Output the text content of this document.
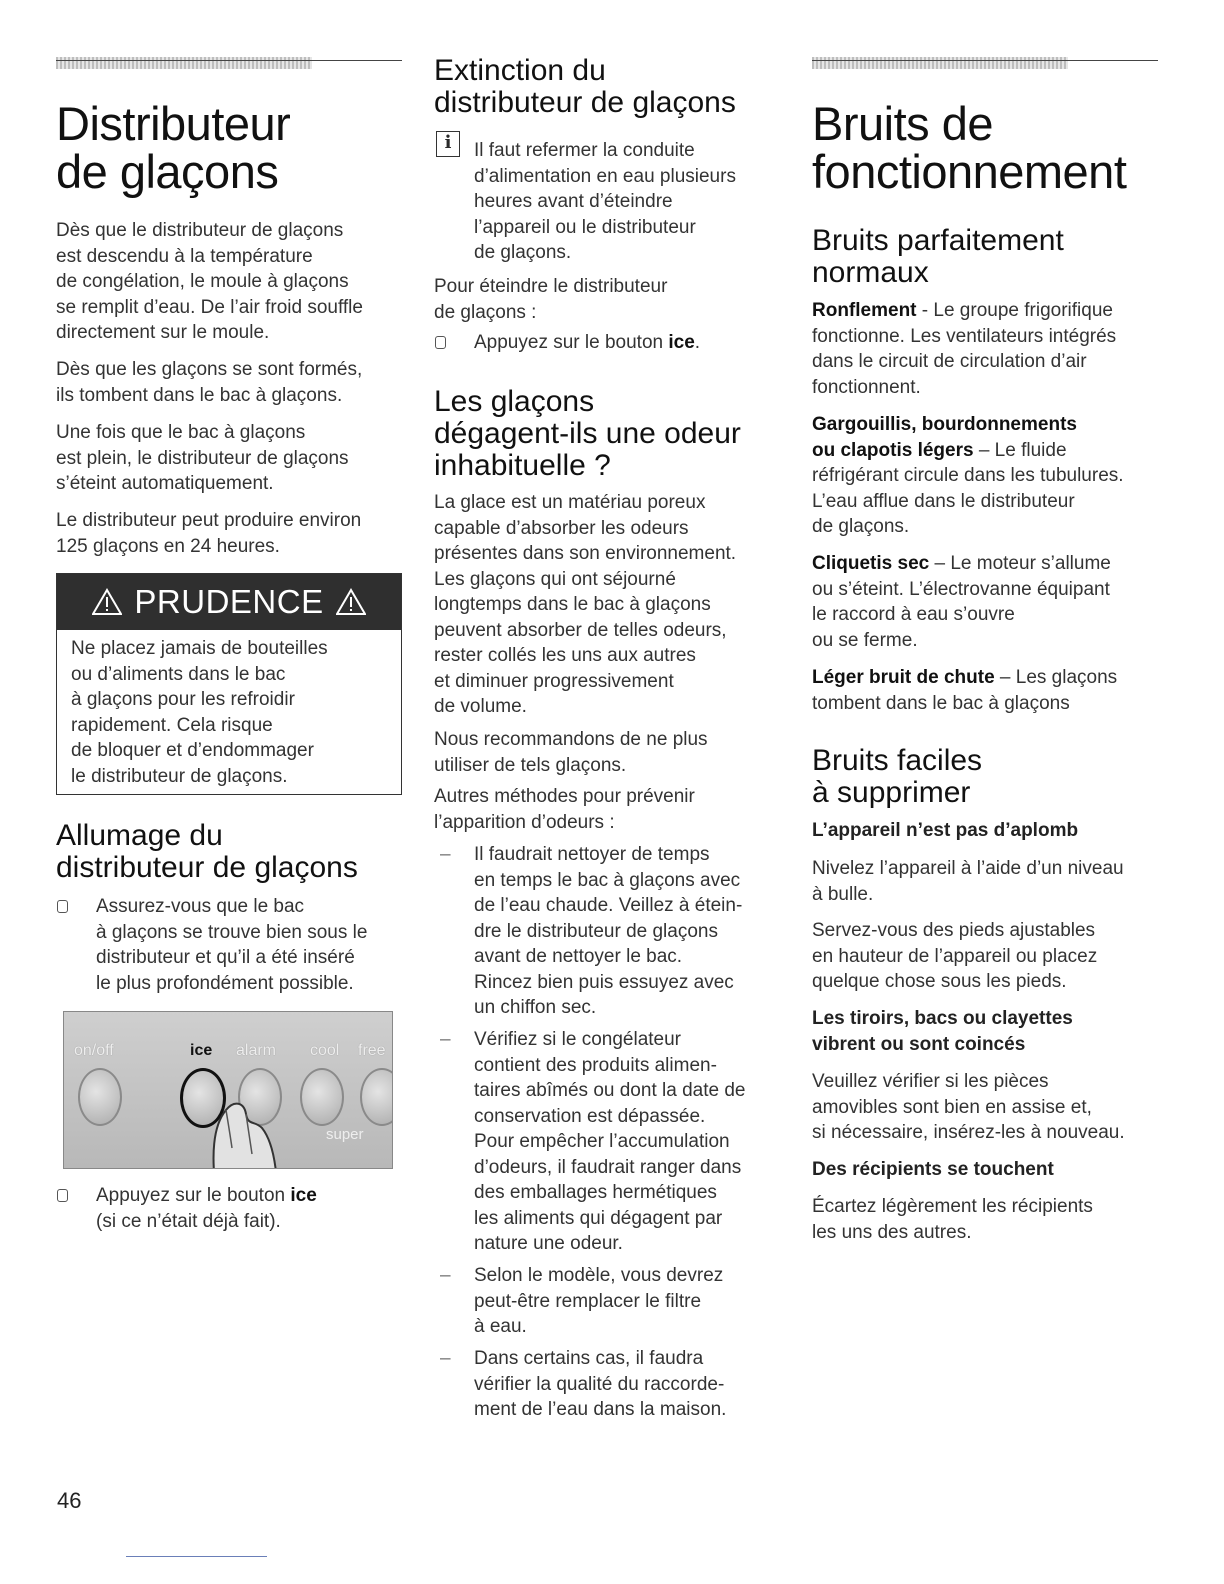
Distributeur
de glaçons

Dès que le distributeur de glaçons
est descendu à la température
de congélation, le moule à glaçons
se remplit d’eau. De l’air froid souffle
directement sur le moule.

Dès que les glaçons se sont formés,
ils tombent dans le bac à glaçons.

Une fois que le bac à glaçons
est plein, le distributeur de glaçons
s’éteint automatiquement.

Le distributeur peut produire environ
125 glaçons en 24 heures.

PRUDENCE
Ne placez jamais de bouteilles
ou d’aliments dans le bac
à glaçons pour les refroidir
rapidement. Cela risque
de bloquer et d’endommager
le distributeur de glaçons.
Allumage du
distributeur de glaçons
Assurez-vous que le bac
à glaçons se trouve bien sous le
distributeur et qu’il a été inséré
le plus profondément possible.
on/off	ice alarm cool free
super
Appuyez sur le bouton ice
(si ce n’était déjà fait).
Extinction du
distributeur de glaçons
i	Il faut refermer la conduite
d’alimentation en eau plusieurs
heures avant d’éteindre
l’appareil ou le distributeur
de glaçons.

Pour éteindre le distributeur
de glaçons :

Appuyez sur le bouton ice.
Les glaçons
dégagent-ils une odeur
inhabituelle ?

La glace est un matériau poreux
capable d’absorber les odeurs
présentes dans son environnement.
Les glaçons qui ont séjourné
longtemps dans le bac à glaçons
peuvent absorber de telles odeurs,
rester collés les uns aux autres
et diminuer progressivement
de volume.

Nous recommandons de ne plus
utiliser de tels glaçons.

Autres méthodes pour prévenir
l’apparition d’odeurs :

– Il faudrait nettoyer de temps
en temps le bac à glaçons avec
de l’eau chaude. Veillez à étein-
dre le distributeur de glaçons
avant de nettoyer le bac.
Rincez bien puis essuyez avec
un chiffon sec.
– Vérifiez si le congélateur
contient des produits alimen-
taires abîmés ou dont la date de
conservation est dépassée.
Pour empêcher l’accumulation
d’odeurs, il faudrait ranger dans
des emballages hermétiques
les aliments qui dégagent par
nature une odeur.
– Selon le modèle, vous devrez
peut-être remplacer le filtre
à eau.
– Dans certains cas, il faudra
vérifier la qualité du raccorde-
ment de l’eau dans la maison.
Bruits de
fonctionnement
Bruits parfaitement
normaux

Ronflement - Le groupe frigorifique
fonctionne. Les ventilateurs intégrés
dans le circuit de circulation d’air
fonctionnent.

Gargouillis, bourdonnements
ou clapotis légers – Le fluide
réfrigérant circule dans les tubulures.
L’eau afflue dans le distributeur
de glaçons.

Cliquetis sec – Le moteur s’allume
ou s’éteint. L’électrovanne équipant
le raccord à eau s’ouvre
ou se ferme.

Léger bruit de chute – Les glaçons
tombent dans le bac à glaçons

Bruits faciles
à supprimer
L’appareil n’est pas d’aplomb

Nivelez l’appareil à l’aide d’un niveau
à bulle.

Servez-vous des pieds ajustables
en hauteur de l’appareil ou placez
quelque chose sous les pieds.

Les tiroirs, bacs ou clayettes
vibrent ou sont coincés

Veuillez vérifier si les pièces
amovibles sont bien en assise et,
si nécessaire, insérez-les à nouveau.

Des récipients se touchent

Écartez légèrement les récipients
les uns des autres.

46
